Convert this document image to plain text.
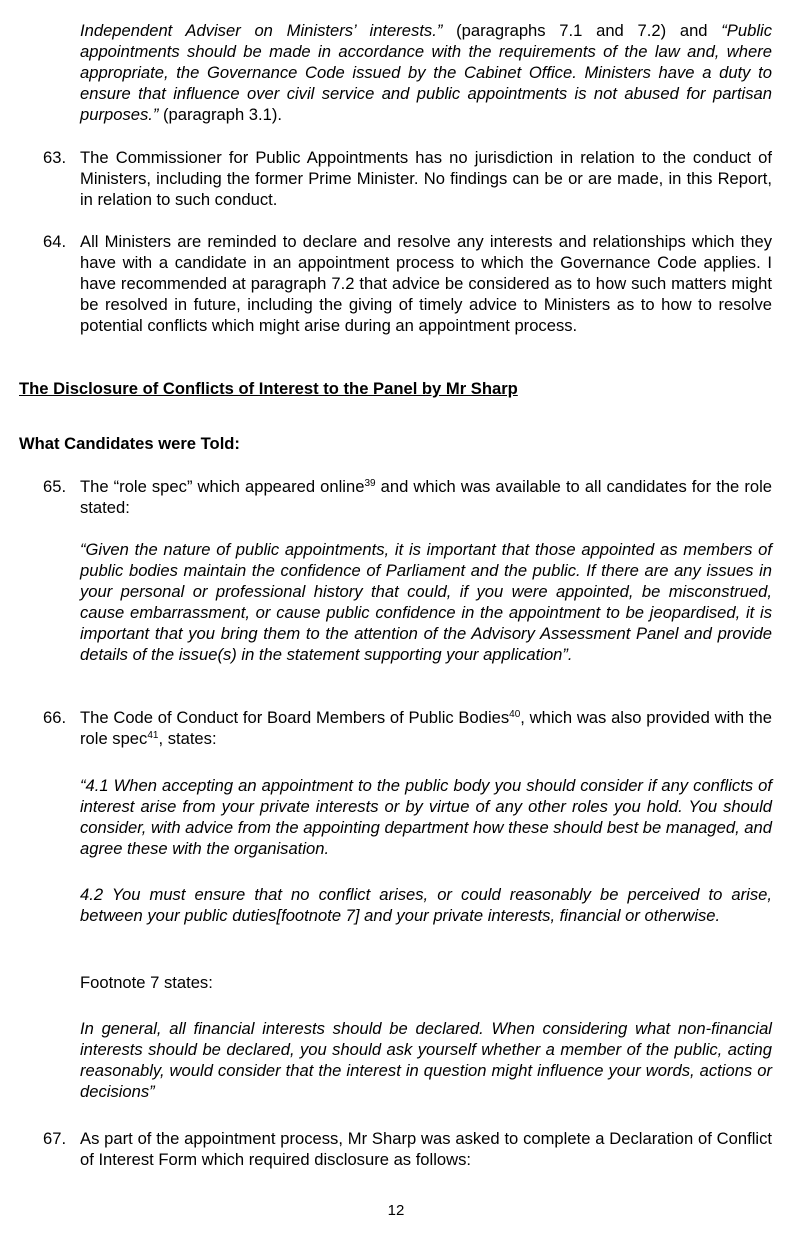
Independent Adviser on Ministers’ interests.” (paragraphs 7.1 and 7.2) and “Public appointments should be made in accordance with the requirements of the law and, where appropriate, the Governance Code issued by the Cabinet Office. Ministers have a duty to ensure that influence over civil service and public appointments is not abused for partisan purposes.” (paragraph 3.1).
63. The Commissioner for Public Appointments has no jurisdiction in relation to the conduct of Ministers, including the former Prime Minister. No findings can be or are made, in this Report, in relation to such conduct.
64. All Ministers are reminded to declare and resolve any interests and relationships which they have with a candidate in an appointment process to which the Governance Code applies. I have recommended at paragraph 7.2 that advice be considered as to how such matters might be resolved in future, including the giving of timely advice to Ministers as to how to resolve potential conflicts which might arise during an appointment process.
The Disclosure of Conflicts of Interest to the Panel by Mr Sharp
What Candidates were Told:
65. The “role spec” which appeared online$^{39}$ and which was available to all candidates for the role stated:
“Given the nature of public appointments, it is important that those appointed as members of public bodies maintain the confidence of Parliament and the public. If there are any issues in your personal or professional history that could, if you were appointed, be misconstrued, cause embarrassment, or cause public confidence in the appointment to be jeopardised, it is important that you bring them to the attention of the Advisory Assessment Panel and provide details of the issue(s) in the statement supporting your application”.
66. The Code of Conduct for Board Members of Public Bodies$^{40}$, which was also provided with the role spec$^{41}$, states:
“4.1 When accepting an appointment to the public body you should consider if any conflicts of interest arise from your private interests or by virtue of any other roles you hold. You should consider, with advice from the appointing department how these should best be managed, and agree these with the organisation.
4.2 You must ensure that no conflict arises, or could reasonably be perceived to arise, between your public duties[footnote 7] and your private interests, financial or otherwise.
Footnote 7 states:
In general, all financial interests should be declared. When considering what non-financial interests should be declared, you should ask yourself whether a member of the public, acting reasonably, would consider that the interest in question might influence your words, actions or decisions”
67. As part of the appointment process, Mr Sharp was asked to complete a Declaration of Conflict of Interest Form which required disclosure as follows:
12
